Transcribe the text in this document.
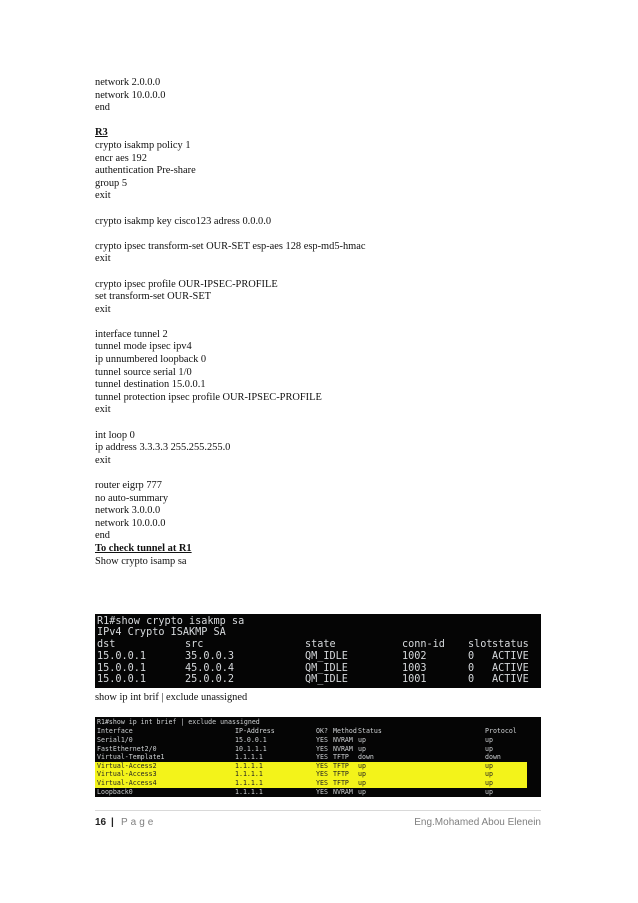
network 2.0.0.0
network 10.0.0.0
end
R3
crypto isakmp policy 1
encr aes 192
authentication Pre-share
group 5
exit
crypto isakmp key cisco123 adress 0.0.0.0
crypto ipsec transform-set OUR-SET esp-aes 128 esp-md5-hmac
exit
crypto ipsec profile OUR-IPSEC-PROFILE
set transform-set OUR-SET
exit
interface tunnel 2
tunnel mode ipsec ipv4
ip unnumbered loopback 0
tunnel source serial 1/0
tunnel destination 15.0.0.1
tunnel protection ipsec profile OUR-IPSEC-PROFILE
exit
int loop 0
ip address 3.3.3.3 255.255.255.0
exit
router eigrp 777
no auto-summary
network 3.0.0.0
network 10.0.0.0
end
To check tunnel at R1
Show crypto isamp sa
R1#show crypto isakmp sa
IPv4 Crypto ISAKMP SA
dst	src	state	conn-id slot status
15.0.0.1	35.0.0.3	QM_IDLE	1002	0 ACTIVE
15.0.0.1	45.0.0.4	QM_IDLE	1003	0 ACTIVE
15.0.0.1	25.0.0.2	QM_IDLE	1001	0 ACTIVE
show ip int brif | exclude unassigned
R1#show ip int brief | exclude unassigned
Interface	IP-Address	OK? Method Status	Protocol
Serial1/0	15.0.0.1	YES NVRAM up	up
FastEthernet2/0	10.1.1.1	YES NVRAM up	up
Virtual-Template1	1.1.1.1	YES TFTP down	down
Virtual-Access2	1.1.1.1	YES TFTP up	up
Virtual-Access3	1.1.1.1	YES TFTP up	up
Virtual-Access4	1.1.1.1	YES TFTP up	up
Loopback0	1.1.1.1	YES NVRAM up	up
16 | Page	Eng.Mohamed Abou Elenein
